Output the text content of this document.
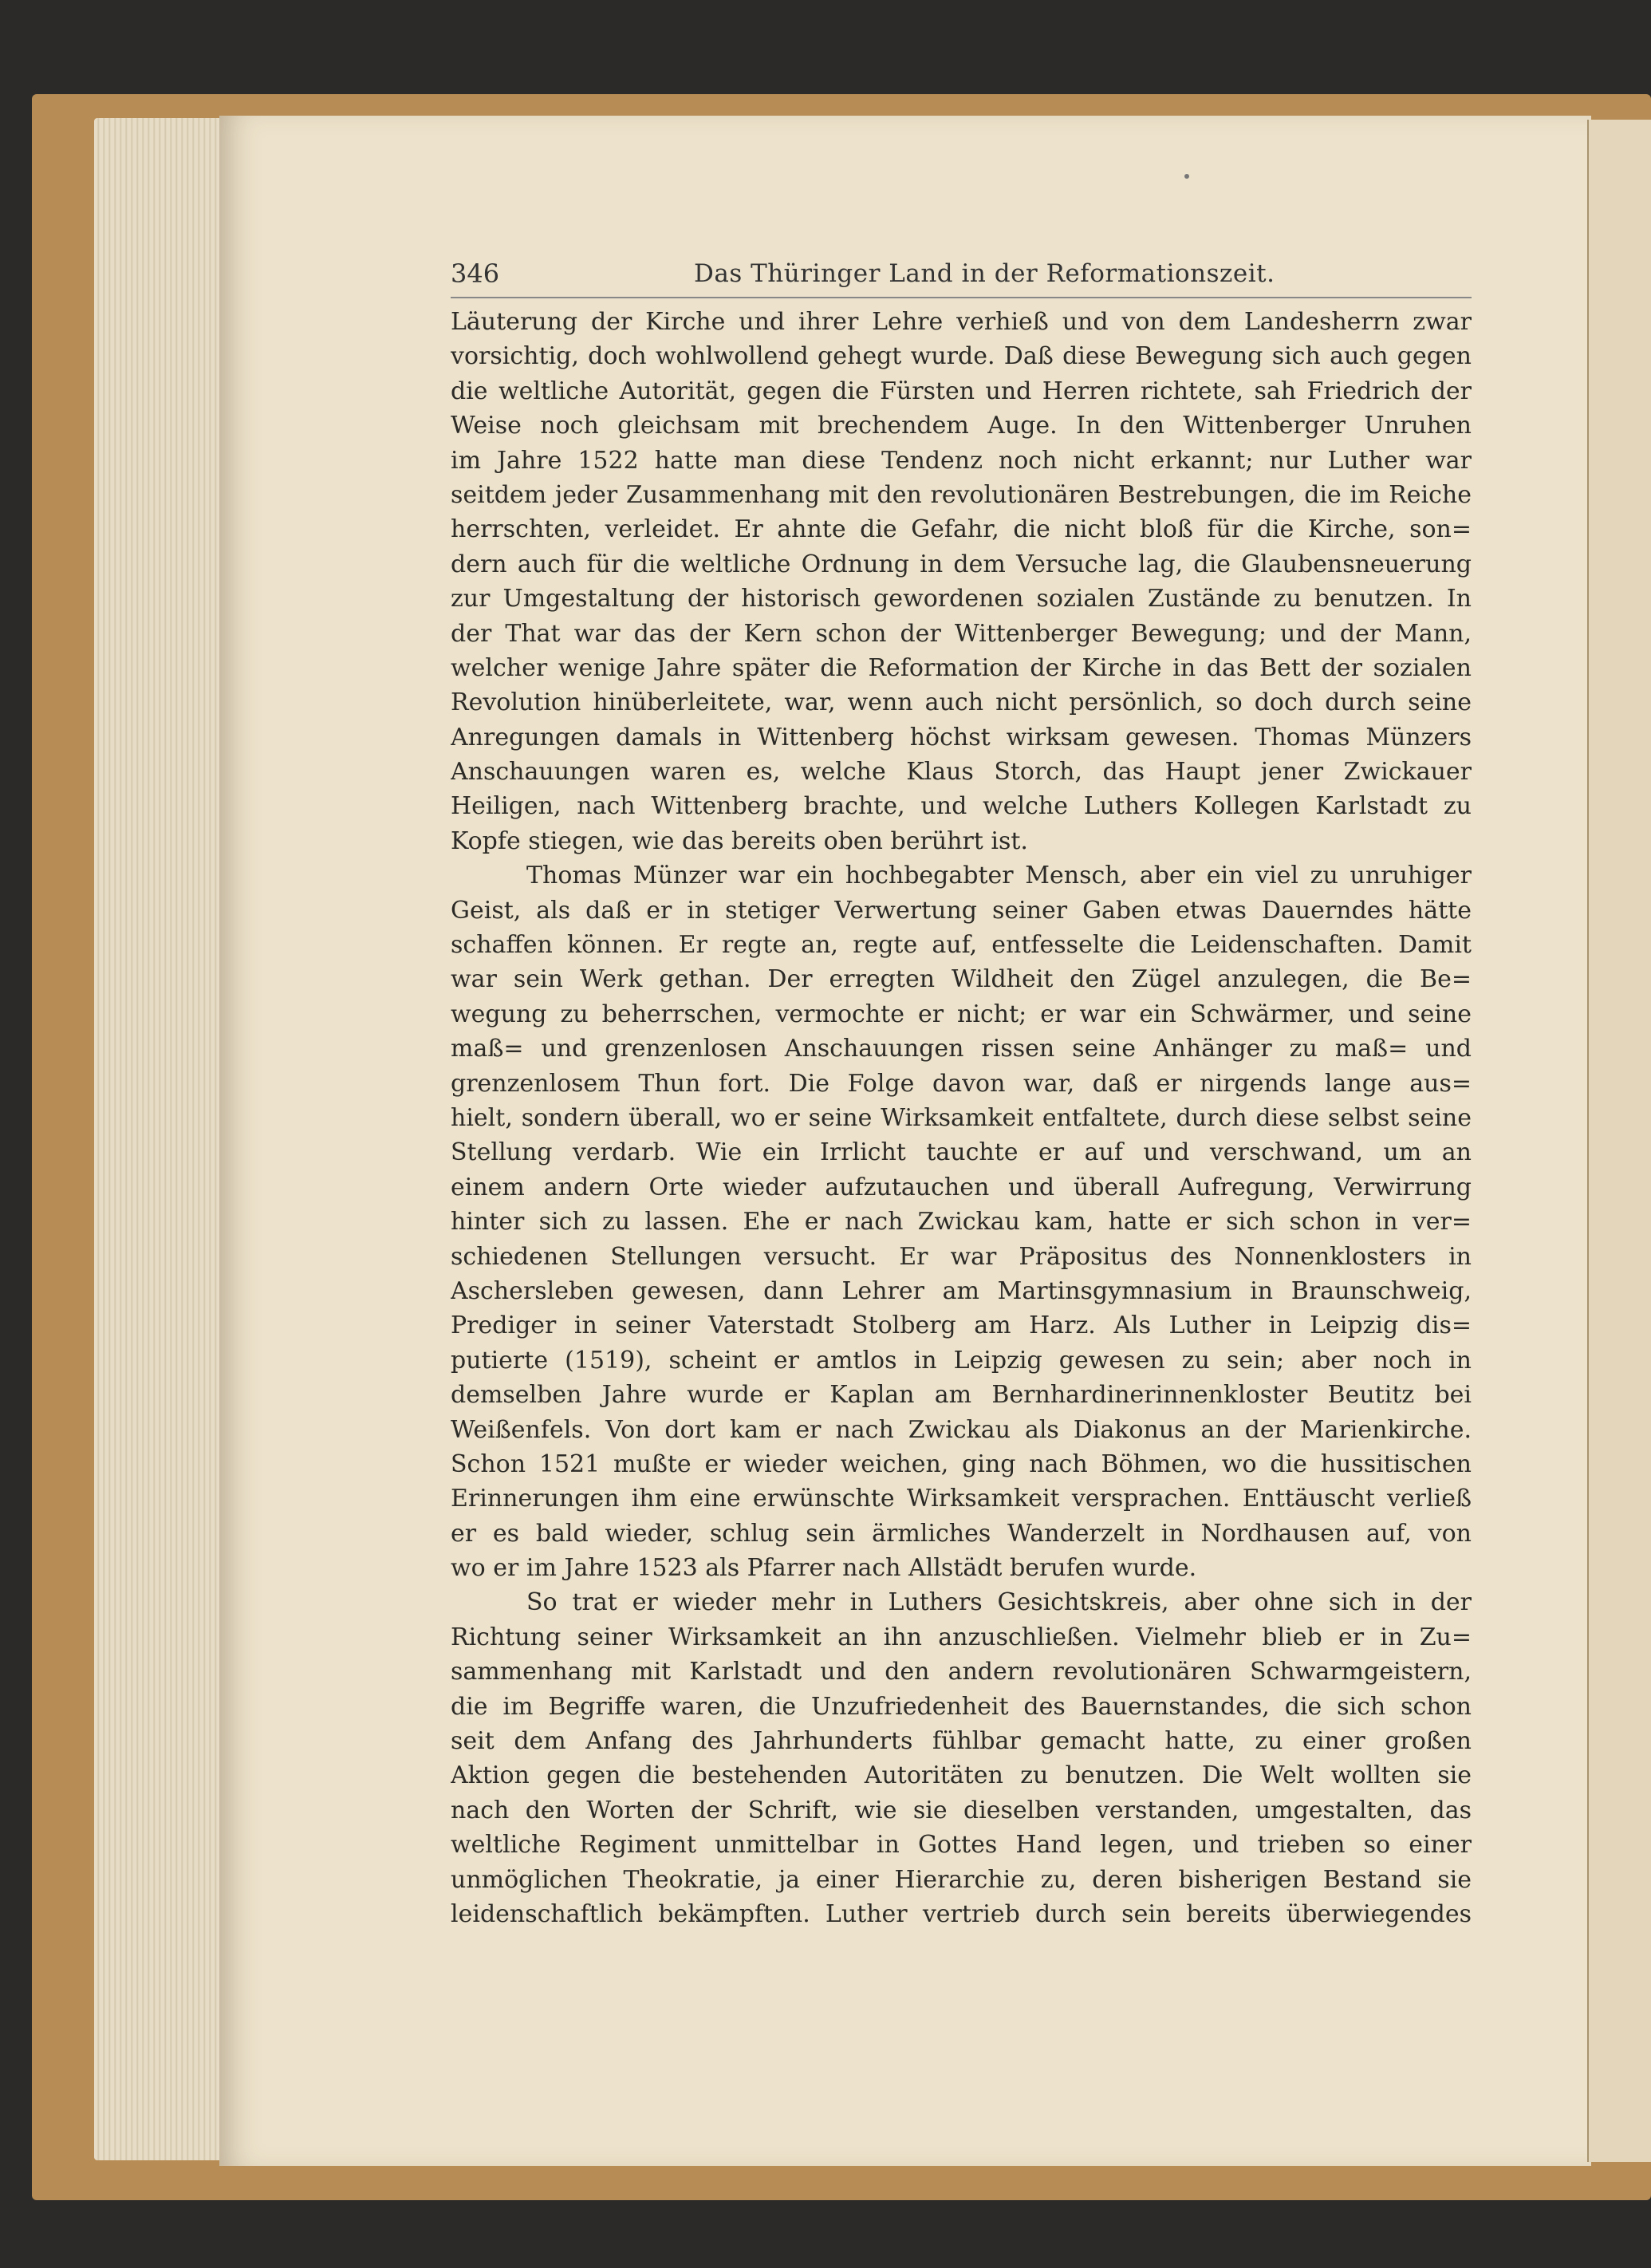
346	Das Thüringer Land in der Reformationszeit.
Läuterung der Kirche und ihrer Lehre verhieß und von dem Landesherrn zwar
vorsichtig, doch wohlwollend gehegt wurde. Daß diese Bewegung sich auch gegen
die weltliche Autorität, gegen die Fürsten und Herren richtete, sah Friedrich der
Weise noch gleichsam mit brechendem Auge. In den Wittenberger Unruhen
im Jahre 1522 hatte man diese Tendenz noch nicht erkannt; nur Luther war
seitdem jeder Zusammenhang mit den revolutionären Bestrebungen, die im Reiche
herrschten, verleidet. Er ahnte die Gefahr, die nicht bloß für die Kirche, son=
dern auch für die weltliche Ordnung in dem Versuche lag, die Glaubensneuerung
zur Umgestaltung der historisch gewordenen sozialen Zustände zu benutzen. In
der That war das der Kern schon der Wittenberger Bewegung; und der Mann,
welcher wenige Jahre später die Reformation der Kirche in das Bett der sozialen
Revolution hinüberleitete, war, wenn auch nicht persönlich, so doch durch seine
Anregungen damals in Wittenberg höchst wirksam gewesen. Thomas Münzers
Anschauungen waren es, welche Klaus Storch, das Haupt jener Zwickauer
Heiligen, nach Wittenberg brachte, und welche Luthers Kollegen Karlstadt zu
Kopfe stiegen, wie das bereits oben berührt ist.
Thomas Münzer war ein hochbegabter Mensch, aber ein viel zu unruhiger
Geist, als daß er in stetiger Verwertung seiner Gaben etwas Dauerndes hätte
schaffen können. Er regte an, regte auf, entfesselte die Leidenschaften. Damit
war sein Werk gethan. Der erregten Wildheit den Zügel anzulegen, die Be=
wegung zu beherrschen, vermochte er nicht; er war ein Schwärmer, und seine
maß= und grenzenlosen Anschauungen rissen seine Anhänger zu maß= und
grenzenlosem Thun fort. Die Folge davon war, daß er nirgends lange aus=
hielt, sondern überall, wo er seine Wirksamkeit entfaltete, durch diese selbst seine
Stellung verdarb. Wie ein Irrlicht tauchte er auf und verschwand, um an
einem andern Orte wieder aufzutauchen und überall Aufregung, Verwirrung
hinter sich zu lassen. Ehe er nach Zwickau kam, hatte er sich schon in ver=
schiedenen Stellungen versucht. Er war Präpositus des Nonnenklosters in
Aschersleben gewesen, dann Lehrer am Martinsgymnasium in Braunschweig,
Prediger in seiner Vaterstadt Stolberg am Harz. Als Luther in Leipzig dis=
putierte (1519), scheint er amtlos in Leipzig gewesen zu sein; aber noch in
demselben Jahre wurde er Kaplan am Bernhardinerinnenkloster Beutitz bei
Weißenfels. Von dort kam er nach Zwickau als Diakonus an der Marienkirche.
Schon 1521 mußte er wieder weichen, ging nach Böhmen, wo die hussitischen
Erinnerungen ihm eine erwünschte Wirksamkeit versprachen. Enttäuscht verließ
er es bald wieder, schlug sein ärmliches Wanderzelt in Nordhausen auf, von
wo er im Jahre 1523 als Pfarrer nach Allstädt berufen wurde.
So trat er wieder mehr in Luthers Gesichtskreis, aber ohne sich in der
Richtung seiner Wirksamkeit an ihn anzuschließen. Vielmehr blieb er in Zu=
sammenhang mit Karlstadt und den andern revolutionären Schwarmgeistern,
die im Begriffe waren, die Unzufriedenheit des Bauernstandes, die sich schon
seit dem Anfang des Jahrhunderts fühlbar gemacht hatte, zu einer großen
Aktion gegen die bestehenden Autoritäten zu benutzen. Die Welt wollten sie
nach den Worten der Schrift, wie sie dieselben verstanden, umgestalten, das
weltliche Regiment unmittelbar in Gottes Hand legen, und trieben so einer
unmöglichen Theokratie, ja einer Hierarchie zu, deren bisherigen Bestand sie
leidenschaftlich bekämpften. Luther vertrieb durch sein bereits überwiegendes
